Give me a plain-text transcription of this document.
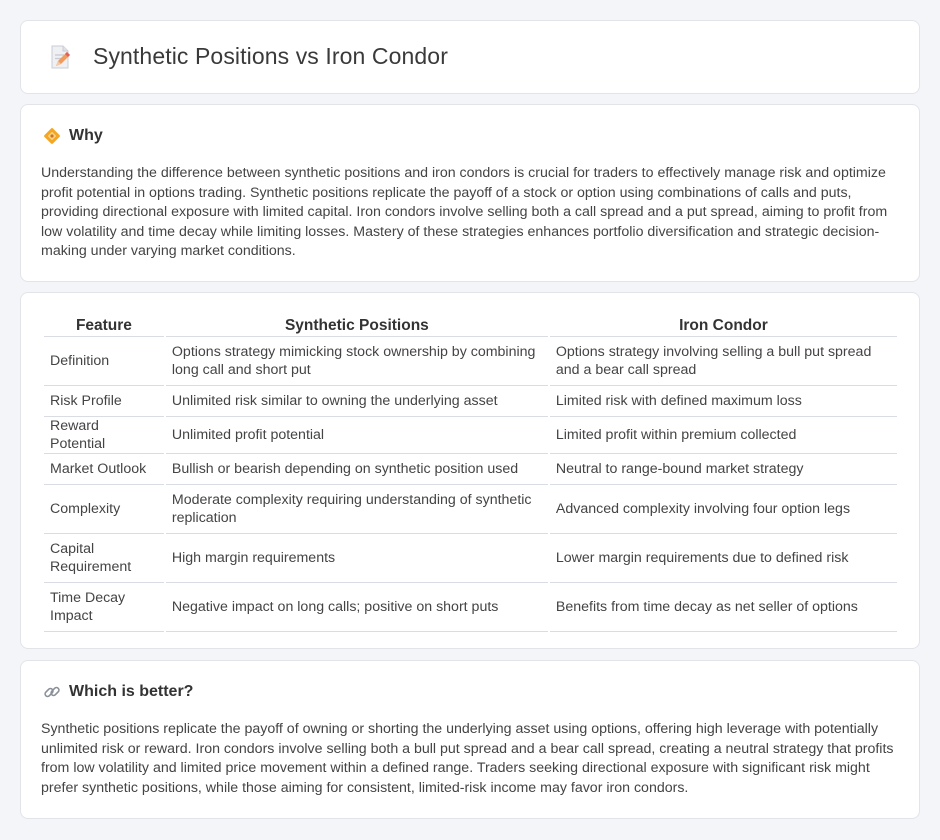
Synthetic Positions vs Iron Condor
Why

Understanding the difference between synthetic positions and iron condors is crucial for traders to effectively manage risk and optimize profit potential in options trading. Synthetic positions replicate the payoff of a stock or option using combinations of calls and puts, providing directional exposure with limited capital. Iron condors involve selling both a call spread and a put spread, aiming to profit from low volatility and time decay while limiting losses. Mastery of these strategies enhances portfolio diversification and strategic decision-making under varying market conditions.

Feature	Synthetic Positions	Iron Condor
Definition	Options strategy mimicking stock ownership by combining long call and short put	Options strategy involving selling a bull put spread and a bear call spread
Risk Profile	Unlimited risk similar to owning the underlying asset	Limited risk with defined maximum loss
Reward Potential	Unlimited profit potential	Limited profit within premium collected
Market Outlook	Bullish or bearish depending on synthetic position used	Neutral to range-bound market strategy
Complexity	Moderate complexity requiring understanding of synthetic replication	Advanced complexity involving four option legs
Capital Requirement	High margin requirements	Lower margin requirements due to defined risk
Time Decay Impact	Negative impact on long calls; positive on short puts	Benefits from time decay as net seller of options
Which is better?

Synthetic positions replicate the payoff of owning or shorting the underlying asset using options, offering high leverage with potentially unlimited risk or reward. Iron condors involve selling both a bull put spread and a bear call spread, creating a neutral strategy that profits from low volatility and limited price movement within a defined range. Traders seeking directional exposure with significant risk might prefer synthetic positions, while those aiming for consistent, limited-risk income may favor iron condors.
